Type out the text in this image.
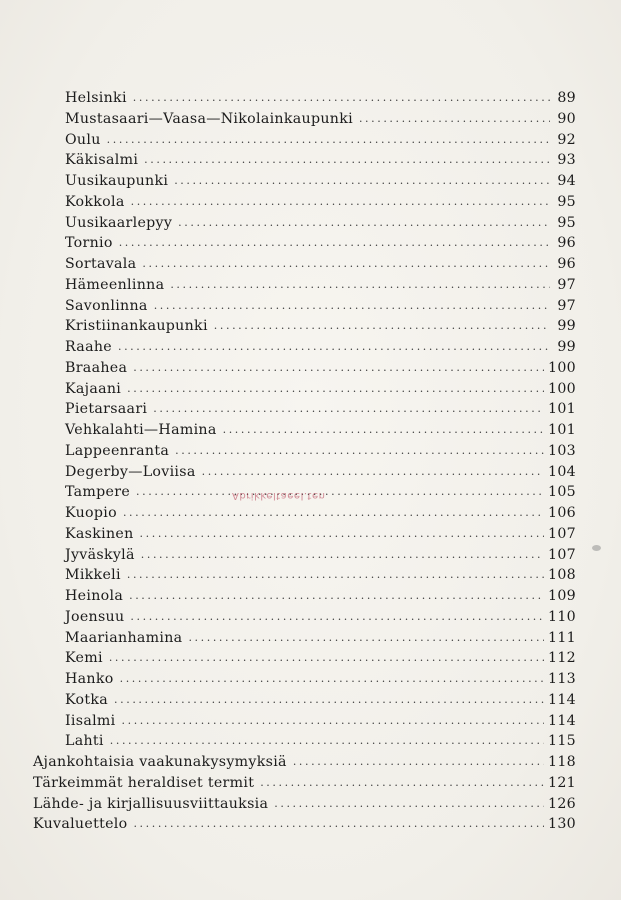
Helsinki .....	89
Mustasaari—Vaasa—Nikolainkaupunki .....	90
Oulu .....	92
Käkisalmi .....	93
Uusikaupunki .....	94
Kokkola .....	95
Uusikaarlepyy .....	95
Tornio .....	96
Sortavala .....	96
Hämeenlinna .....	97
Savonlinna .....	97
Kristiinankaupunki .....	99
Raahe .....	99
Braahea .....	100
Kajaani .....	100
Pietarsaari .....	101
Vehkalahti—Hamina .....	101
Lappeenranta .....	103
Degerby—Loviisa .....	104
Tampere .....	105
Kuopio .....	106
Kaskinen .....	107
Jyväskylä .....	107
Mikkeli .....	108
Heinola .....	109
Joensuu .....	110
Maarianhamina .....	111
Kemi .....	112
Hanko .....	113
Kotka .....	114
Iisalmi .....	114
Lahti .....	115
Ajankohtaisia vaakunakysymyksiä .....	118
Tärkeimmät heraldiset termit .....	121
Lähde- ja kirjallisuusviittauksia .....	126
Kuvaluettelo .....	130
Abrikkeltaeel.ten
